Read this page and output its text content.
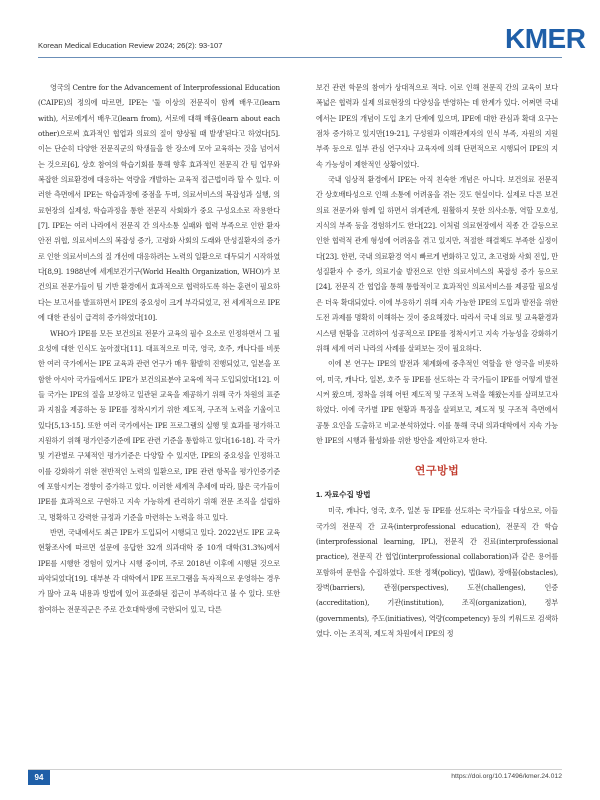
Korean Medical Education Review 2024; 26(2): 93-107	KMER

영국의 Centre for the Advancement of Interprofessional Education (CAIPE)의 정의에 따르면, IPE는 '둘 이상의 전문직이 함께 배우고(learn with), 서로에게서 배우고(learn from), 서로에 대해 배움(learn about each other)으로써 효과적인 협업과 의료의 질이 향상될 때 발생'된다고 하였다[5]. 이는 단순히 다양한 전문직군의 학생들을 한 장소에 모아 교육하는 것을 넘어서는 것으로[6], 상호 참여의 학습기회를 통해 향후 효과적인 전문직 간 팀 업무와 복잡한 의료환경에 대응하는 역량을 개발하는 교육적 접근법이라 할 수 있다. 이러한 측면에서 IPE는 학습과정에 중점을 두며, 의료서비스의 복잡성과 실행, 의료현장의 실제성, 학습과정을 통한 전문직 사회화가 중요 구성요소로 작용한다[7]. IPE는 여러 나라에서 전문직 간 의사소통 실패와 협력 부족으로 인한 환자안전 위협, 의료서비스의 복잡성 증가, 고령화 사회의 도래와 만성질환자의 증가로 인한 의료서비스의 질 개선에 대응하려는 노력의 일환으로 대두되기 시작하였다[8,9]. 1988년에 세계보건기구(World Health Organization, WHO)가 보건의료 전문가들이 팀 기반 환경에서 효과적으로 협력하도록 하는 훈련이 필요하다는 보고서를 발표하면서 IPE의 중요성이 크게 부각되었고, 전 세계적으로 IPE에 대한 관심이 급격히 증가하였다[10].

WHO가 IPE를 모든 보건의료 전문가 교육의 필수 요소로 인정하면서 그 필요성에 대한 인식도 높아졌다[11]. 대표적으로 미국, 영국, 호주, 캐나다를 비롯한 여러 국가에서는 IPE 교육과 관련 연구가 매우 활발히 진행되었고, 일본을 포함한 아시아 국가들에서도 IPE가 보건의료분야 교육에 적극 도입되었다[12]. 이들 국가는 IPE의 질을 보장하고 일관된 교육을 제공하기 위해 국가 차원의 표준과 지침을 제공하는 등 IPE를 정착시키기 위한 제도적, 구조적 노력을 기울이고 있다[5,13-15]. 또한 여러 국가에서는 IPE 프로그램의 실행 및 효과를 평가하고 지원하기 위해 평가인증기준에 IPE 관련 기준을 통합하고 있다[16-18]. 각 국가 및 기관별로 구체적인 평가기준은 다양할 수 있지만, IPE의 중요성을 인정하고 이를 강화하기 위한 전반적인 노력의 일환으로, IPE 관련 항목을 평가인증기준에 포함시키는 경향이 증가하고 있다. 이러한 세계적 추세에 따라, 많은 국가들이 IPE를 효과적으로 구현하고 지속 가능하게 관리하기 위해 전문 조직을 설립하고, 명확하고 강력한 규정과 기준을 마련하는 노력을 하고 있다.

반면, 국내에서도 최근 IPE가 도입되어 시행되고 있다. 2022년도 IPE 교육 현황조사에 따르면 설문에 응답한 32개 의과대학 중 10개 대학(31.3%)에서 IPE를 시행한 경험이 있거나 시행 중이며, 주로 2018년 이후에 시행된 것으로 파악되었다[19]. 대부분 각 대학에서 IPE 프로그램을 독자적으로 운영하는 경우가 많아 교육 내용과 방법에 있어 표준화된 접근이 부족하다고 볼 수 있다. 또한 참여하는 전문직군은 주로 간호대학생에 국한되어 있고, 다른

보건 관련 학문의 참여가 상대적으로 적다. 이로 인해 전문직 간의 교육이 보다 폭넓은 협력과 실제 의료현장의 다양성을 반영하는 데 한계가 있다. 어쩌면 국내에서는 IPE의 개념이 도입 초기 단계에 있으며, IPE에 대한 관심과 확대 요구는 점차 증가하고 있지만[19-21], 구성원과 이해관계자의 인식 부족, 자원의 지원 부족 등으로 일부 관심 연구자나 교육자에 의해 단편적으로 시행되어 IPE의 지속 가능성이 제한적인 상황이었다.

국내 임상적 환경에서 IPE는 아직 친숙한 개념은 아니다. 보건의료 전문직 간 상호배타성으로 인해 소통에 어려움을 겪는 것도 현실이다. 실제로 다른 보건의료 전문가와 함께 일 하면서 위계관계, 원활하지 못한 의사소통, 역할 모호성, 지식의 부족 등을 경험하기도 한다[22]. 이처럼 의료현장에서 직종 간 갈등으로 인한 협력적 관계 형성에 어려움을 겪고 있지만, 적절한 해결책도 부족한 실정이다[23]. 한편, 국내 의료환경 역시 빠르게 변화하고 있고, 초고령화 사회 진입, 만성질환자 수 증가, 의료기술 발전으로 인한 의료서비스의 복잡성 증가 등으로[24], 전문직 간 협업을 통해 통합적이고 효과적인 의료서비스를 제공할 필요성은 더욱 확대되었다. 이에 부응하기 위해 지속 가능한 IPE의 도입과 발전을 위한 도전 과제를 명확히 이해하는 것이 중요해졌다. 따라서 국내 의료 및 교육환경과 시스템 현황을 고려하여 성공적으로 IPE를 정착시키고 지속 가능성을 강화하기 위해 세계 여러 나라의 사례를 살펴보는 것이 필요하다.

이에 본 연구는 IPE의 발전과 체계화에 중추적인 역할을 한 영국을 비롯하여, 미국, 캐나다, 일본, 호주 등 IPE를 선도하는 각 국가들이 IPE를 어떻게 발전시켜 왔으며, 정착을 위해 어떤 제도적 및 구조적 노력을 해왔는지를 살펴보고자 하였다. 이에 국가별 IPE 현황과 특징을 살펴보고, 제도적 및 구조적 측면에서 공통 요인을 도출하고 비교·분석하였다. 이를 통해 국내 의과대학에서 지속 가능한 IPE의 시행과 활성화를 위한 방안을 제안하고자 한다.

연구방법
1. 자료수집 방법

미국, 캐나다, 영국, 호주, 일본 등 IPE를 선도하는 국가들을 대상으로, 이들 국가의 전문직 간 교육(interprofessional education), 전문직 간 학습(interprofessional learning, IPL), 전문직 간 진료(interprofessional practice), 전문직 간 협업(interprofessional collaboration)과 같은 용어를 포함하여 문헌을 수집하였다. 또한 정책(policy), 법(law), 장애물(obstacles), 장벽(barriers), 관점(perspectives), 도전(challenges), 인증(accreditation), 기관(institution), 조직(organization), 정부(governments), 주도(initiatives), 역량(competency) 등의 키워드로 검색하였다. 이는 조직적, 제도적 차원에서 IPE의 정

94	https://doi.org/10.17496/kmer.24.012
